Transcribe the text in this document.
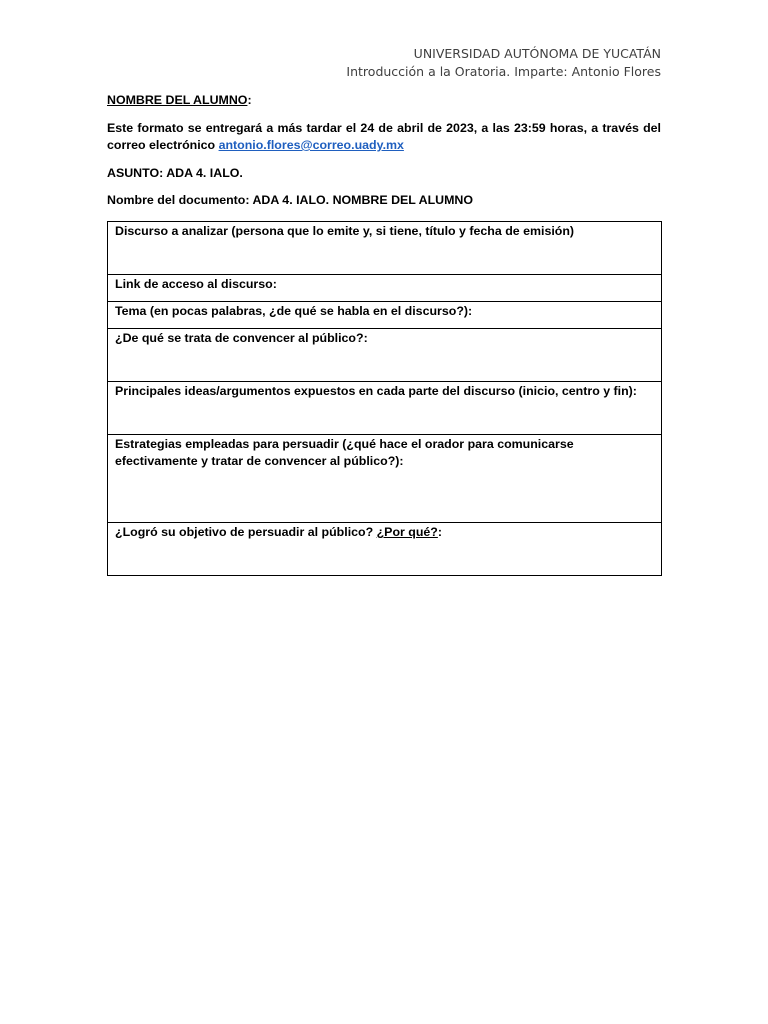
UNIVERSIDAD AUTÓNOMA DE YUCATÁN
Introducción a la Oratoria. Imparte: Antonio Flores

NOMBRE DEL ALUMNO:

Este formato se entregará a más tardar el 24 de abril de 2023, a las 23:59 horas, a través del correo electrónico antonio.flores@correo.uady.mx

ASUNTO: ADA 4. IALO.

Nombre del documento: ADA 4. IALO. NOMBRE DEL ALUMNO

Discurso a analizar (persona que lo emite y, si tiene, título y fecha de emisión)
Link de acceso al discurso:
Tema (en pocas palabras, ¿de qué se habla en el discurso?):
¿De qué se trata de convencer al público?:
Principales ideas/argumentos expuestos en cada parte del discurso (inicio, centro y fin):
Estrategias empleadas para persuadir (¿qué hace el orador para comunicarse efectivamente y tratar de convencer al público?):
¿Logró su objetivo de persuadir al público? ¿Por qué?:
